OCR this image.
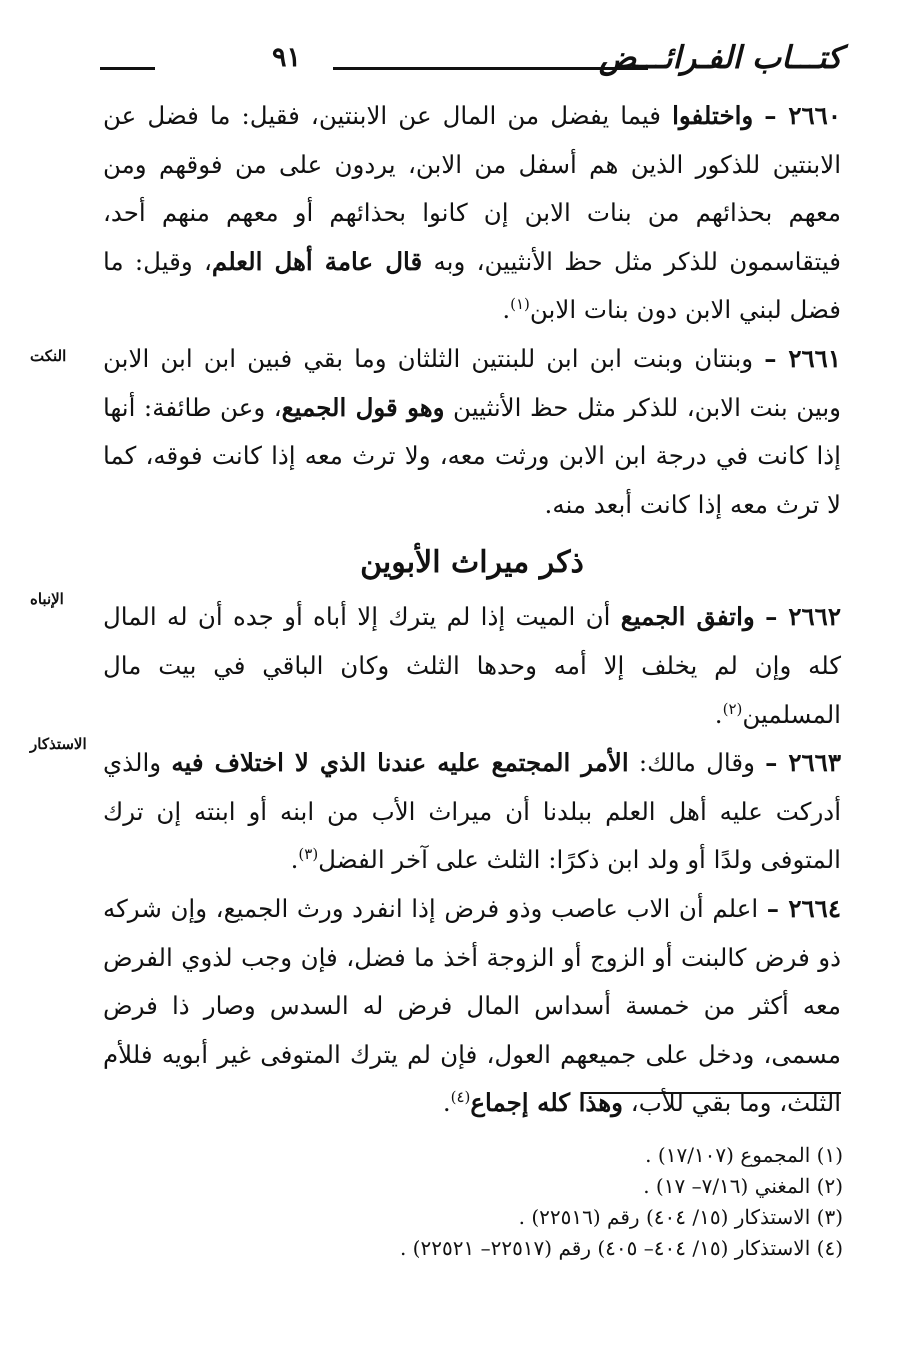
كتـــاب الفـرائـــض
٩١
النكت
الإنباه
الاستذكار

٢٦٦٠ – واختلفوا فيما يفضل من المال عن الابنتين، فقيل: ما فضل عن الابنتين للذكور الذين هم أسفل من الابن، يردون على من فوقهم ومن معهم بحذائهم من بنات الابن إن كانوا بحذائهم أو معهم منهم أحد، فيتقاسمون للذكر مثل حظ الأنثيين، وبه قال عامة أهل العلم، وقيل: ما فضل لبني الابن دون بنات الابن$^{(١)}$.

٢٦٦١ – وبنتان وبنت ابن ابن للبنتين الثلثان وما بقي فبين ابن ابن الابن وبين بنت الابن، للذكر مثل حظ الأنثيين وهو قول الجميع، وعن طائفة: أنها إذا كانت في درجة ابن الابن ورثت معه، ولا ترث معه إذا كانت فوقه، كما لا ترث معه إذا كانت أبعد منه.

ذكر ميراث الأبوين

٢٦٦٢ – واتفق الجميع أن الميت إذا لم يترك إلا أباه أو جده أن له المال كله وإن لم يخلف إلا أمه وحدها الثلث وكان الباقي في بيت مال المسلمين$^{(٢)}$.

٢٦٦٣ – وقال مالك: الأمر المجتمع عليه عندنا الذي لا اختلاف فيه والذي أدركت عليه أهل العلم ببلدنا أن ميراث الأب من ابنه أو ابنته إن ترك المتوفى ولدًا أو ولد ابن ذكرًا: الثلث على آخر الفضل$^{(٣)}$.

٢٦٦٤ – اعلم أن الاب عاصب وذو فرض إذا انفرد ورث الجميع، وإن شركه ذو فرض كالبنت أو الزوج أو الزوجة أخذ ما فضل، فإن وجب لذوي الفرض معه أكثر من خمسة أسداس المال فرض له السدس وصار ذا فرض مسمى، ودخل على جميعهم العول، فإن لم يترك المتوفى غير أبويه فللأم الثلث، وما بقي للأب، وهذا كله إجماع$^{(٤)}$.

(١) المجموع (١٧/١٠٧) .
(٢) المغني (٧/١٦– ١٧) .
(٣) الاستذكار (١٥/ ٤٠٤) رقم (٢٢٥١٦) .
(٤) الاستذكار (١٥/ ٤٠٤– ٤٠٥) رقم (٢٢٥١٧– ٢٢٥٢١) .
